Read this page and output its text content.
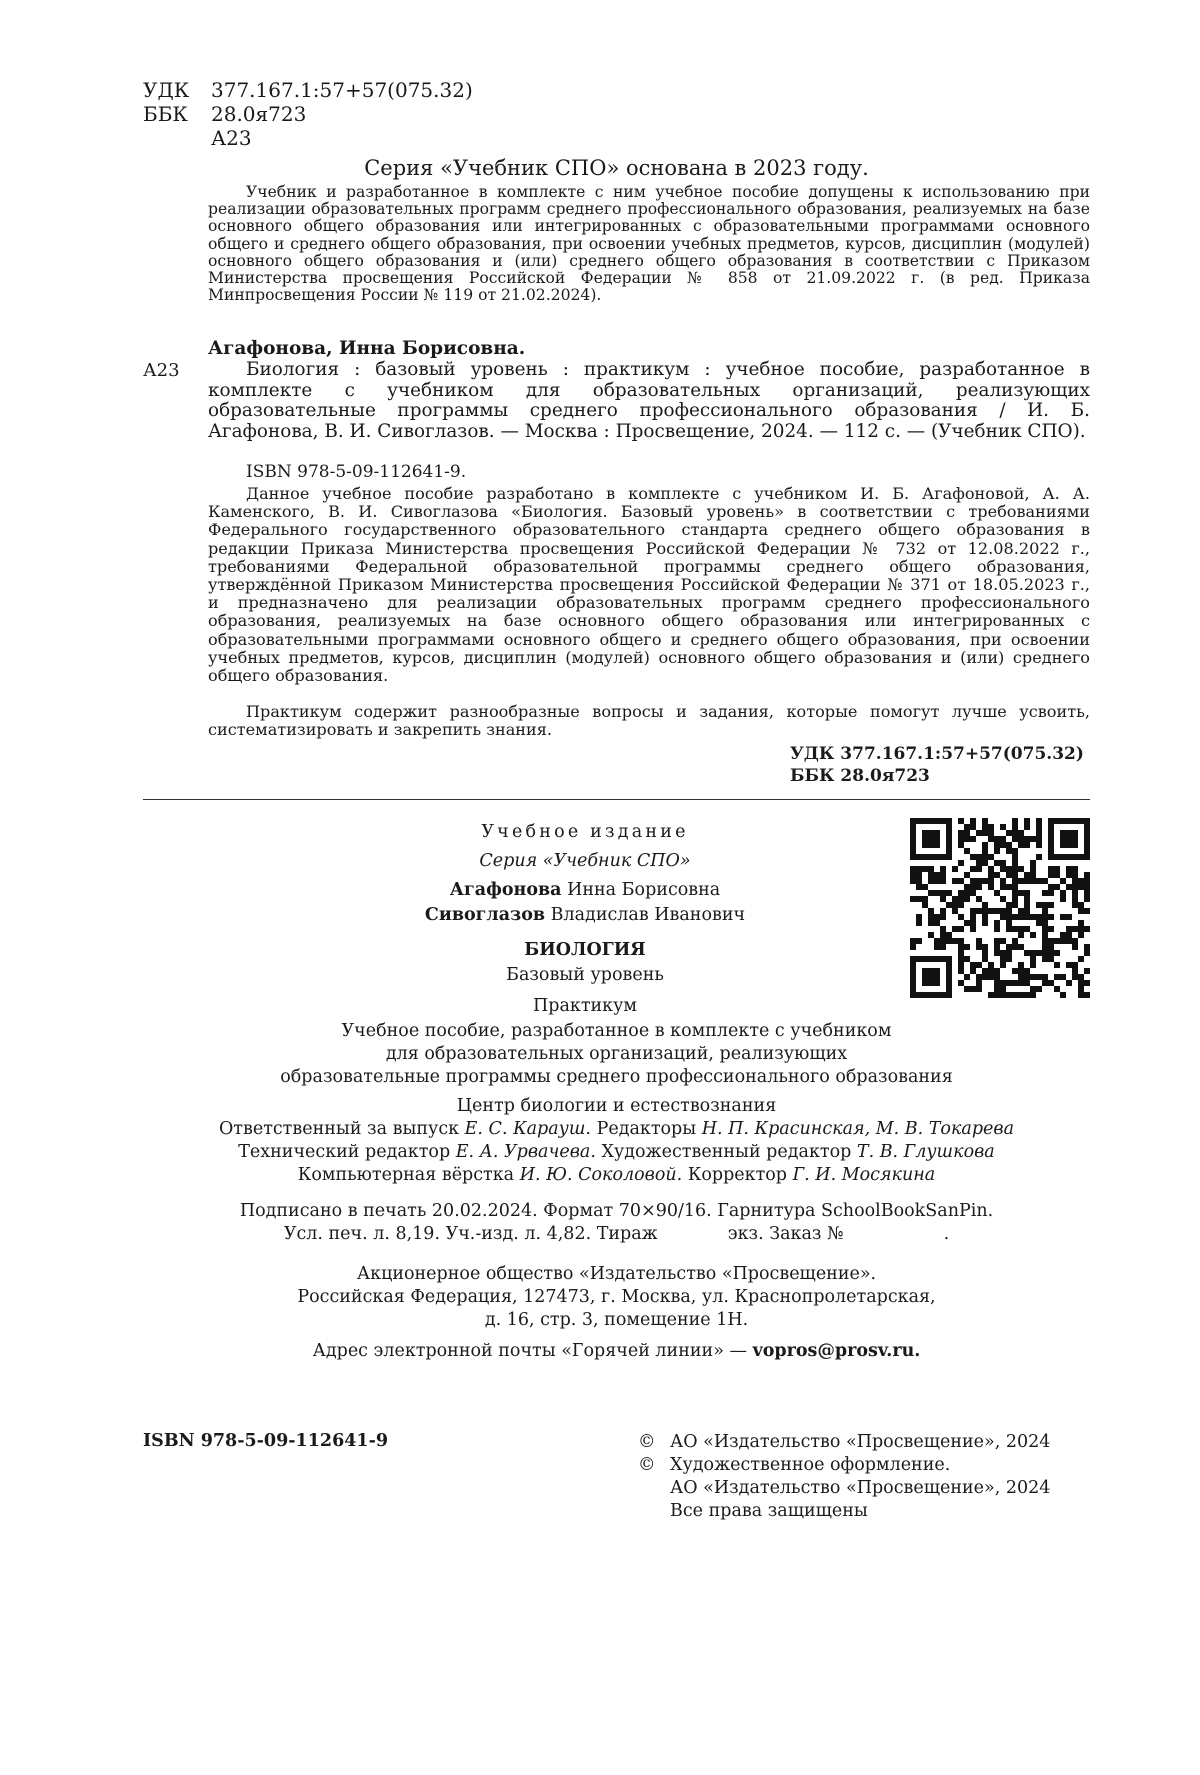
УДК 377.167.1:57+57(075.32)
ББК 28.0я723
А23
Серия «Учебник СПО» основана в 2023 году.
Учебник и разработанное в комплекте с ним учебное пособие допущены к использованию при реализации образовательных программ среднего профессионального образования, реализуемых на базе основного общего образования или интегрированных с образовательными программами основного общего и среднего общего образования, при освоении учебных предметов, курсов, дисциплин (модулей) основного общего образования и (или) среднего общего образования в соответствии с Приказом Министерства просвещения Российской Федерации № 858 от 21.09.2022 г. (в ред. Приказа Минпросвещения России № 119 от 21.02.2024).
Агафонова, Инна Борисовна.
А23	Биология : базовый уровень : практикум : учебное пособие, разработанное в комплекте с учебником для образовательных организаций, реализующих образовательные программы среднего профессионального образования / И. Б. Агафонова, В. И. Сивоглазов. — Москва : Просвещение, 2024. — 112 с. — (Учебник СПО).
ISBN 978-5-09-112641-9.
Данное учебное пособие разработано в комплекте с учебником И. Б. Агафоновой, А. А. Каменского, В. И. Сивоглазова «Биология. Базовый уровень» в соответствии с требованиями Федерального государственного образовательного стандарта среднего общего образования в редакции Приказа Министерства просвещения Российской Федерации № 732 от 12.08.2022 г., требованиями Федеральной образовательной программы среднего общего образования, утверждённой Приказом Министерства просвещения Российской Федерации № 371 от 18.05.2023 г., и предназначено для реализации образовательных программ среднего профессионального образования, реализуемых на базе основного общего образования или интегрированных с образовательными программами основного общего и среднего общего образования, при освоении учебных предметов, курсов, дисциплин (модулей) основного общего образования и (или) среднего общего образования.
Практикум содержит разнообразные вопросы и задания, которые помогут лучше усвоить, систематизировать и закрепить знания.
УДК 377.167.1:57+57(075.32)
ББК 28.0я723
Учебное издание
Серия «Учебник СПО»
Агафонова Инна Борисовна
Сивоглазов Владислав Иванович
БИОЛОГИЯ
Базовый уровень
Практикум
Учебное пособие, разработанное в комплекте с учебником
для образовательных организаций, реализующих
образовательные программы среднего профессионального образования
Центр биологии и естествознания
Ответственный за выпуск Е. С. Карауш. Редакторы Н. П. Красинская, М. В. Токарева
Технический редактор Е. А. Урвачева. Художественный редактор Т. В. Глушкова
Компьютерная вёрстка И. Ю. Соколовой. Корректор Г. И. Мосякина
Подписано в печать 20.02.2024. Формат 70×90/16. Гарнитура SchoolBookSanPin.
Усл. печ. л. 8,19. Уч.-изд. л. 4,82. Тираж	экз. Заказ №	.
Акционерное общество «Издательство «Просвещение».
Российская Федерация, 127473, г. Москва, ул. Краснопролетарская,
д. 16, стр. 3, помещение 1Н.
Адрес электронной почты «Горячей линии» — vopros@prosv.ru.
ISBN 978-5-09-112641-9	© АО «Издательство «Просвещение», 2024
© Художественное оформление.
АО «Издательство «Просвещение», 2024
Все права защищены
